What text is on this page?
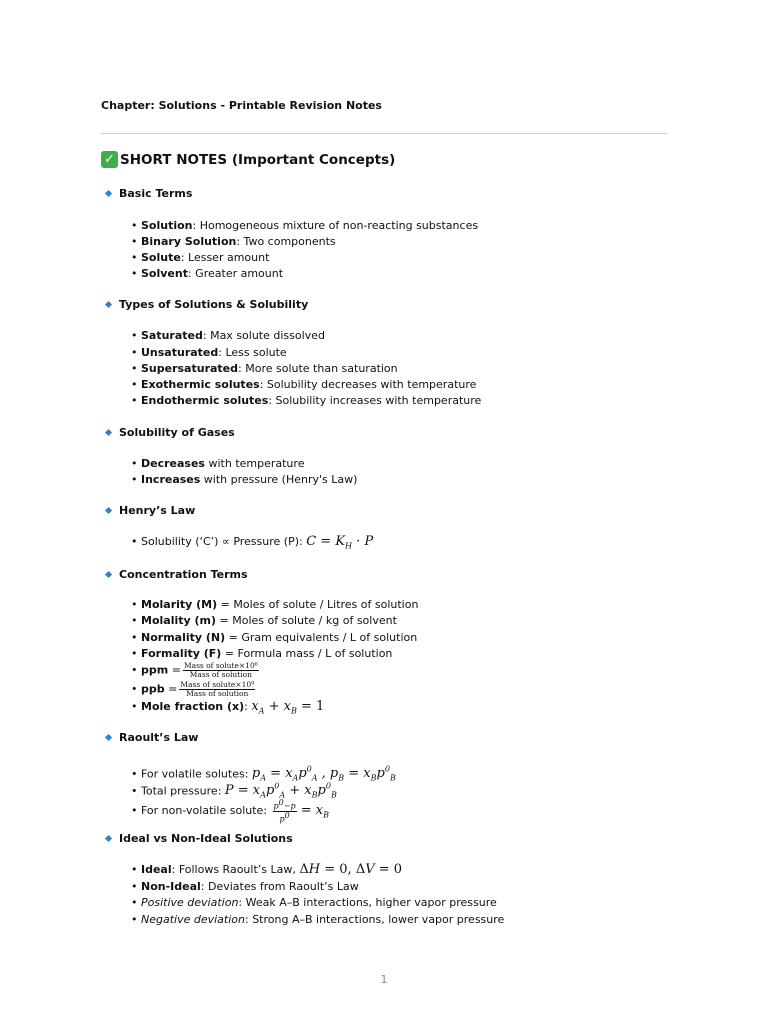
Chapter: Solutions - Printable Revision Notes
✓ SHORT NOTES (Important Concepts)
Basic Terms
• Solution: Homogeneous mixture of non-reacting substances
• Binary Solution: Two components
• Solute: Lesser amount
• Solvent: Greater amount
Types of Solutions & Solubility
• Saturated: Max solute dissolved
• Unsaturated: Less solute
• Supersaturated: More solute than saturation
• Exothermic solutes: Solubility decreases with temperature
• Endothermic solutes: Solubility increases with temperature
Solubility of Gases
• Decreases with temperature
• Increases with pressure (Henry's Law)
Henry’s Law
• Solubility (‘C’) ∝ Pressure (P): $C = K_H \cdot P$
Concentration Terms
• Molarity (M) = Moles of solute / Litres of solution
• Molality (m) = Moles of solute / kg of solvent
• Normality (N) = Gram equivalents / L of solution
• Formality (F) = Formula mass / L of solution
• ppm = $\frac{\text{Mass of solute×10⁶}}{\text{Mass of solution}}$
• ppb = $\frac{\text{Mass of solute×10⁹}}{\text{Mass of solution}}$
• Mole fraction (x): $x_A + x_B = 1$
Raoult’s Law
• For volatile solutes: $p_A = x_Ap^0_A$ , $p_B = x_Bp^0_B$
• Total pressure: $P = x_Ap^0_A + x_Bp^0_B$
• For non-volatile solute: $\frac{p^0-p}{p^0} = x_B$
Ideal vs Non-Ideal Solutions
• Ideal: Follows Raoult’s Law, ΔH = 0, ΔV = 0
• Non-Ideal: Deviates from Raoult’s Law
• Positive deviation: Weak A–B interactions, higher vapor pressure
• Negative deviation: Strong A–B interactions, lower vapor pressure
1
